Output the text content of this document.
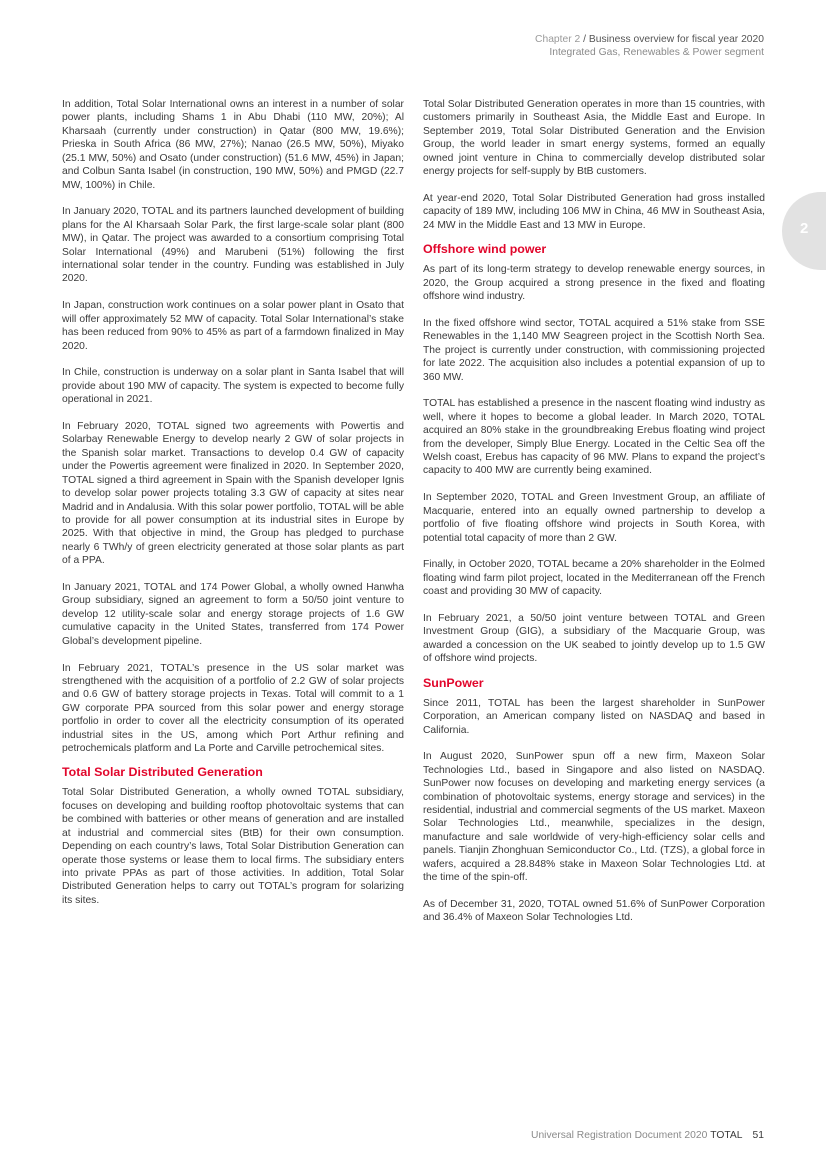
Chapter 2 / Business overview for fiscal year 2020
Integrated Gas, Renewables & Power segment
2

In addition, Total Solar International owns an interest in a number of solar power plants, including Shams 1 in Abu Dhabi (110 MW, 20%); Al Kharsaah (currently under construction) in Qatar (800 MW, 19.6%); Prieska in South Africa (86 MW, 27%); Nanao (26.5 MW, 50%), Miyako (25.1 MW, 50%) and Osato (under construction) (51.6 MW, 45%) in Japan; and Colbun Santa Isabel (in construction, 190 MW, 50%) and PMGD (22.7 MW, 100%) in Chile.

In January 2020, TOTAL and its partners launched development of building plans for the Al Kharsaah Solar Park, the first large-scale solar plant (800 MW), in Qatar. The project was awarded to a consortium comprising Total Solar International (49%) and Marubeni (51%) following the first international solar tender in the country. Funding was established in July 2020.

In Japan, construction work continues on a solar power plant in Osato that will offer approximately 52 MW of capacity. Total Solar International’s stake has been reduced from 90% to 45% as part of a farmdown finalized in May 2020.

In Chile, construction is underway on a solar plant in Santa Isabel that will provide about 190 MW of capacity. The system is expected to become fully operational in 2021.

In February 2020, TOTAL signed two agreements with Powertis and Solarbay Renewable Energy to develop nearly 2 GW of solar projects in the Spanish solar market. Transactions to develop 0.4 GW of capacity under the Powertis agreement were finalized in 2020. In September 2020, TOTAL signed a third agreement in Spain with the Spanish developer Ignis to develop solar power projects totaling 3.3 GW of capacity at sites near Madrid and in Andalusia. With this solar power portfolio, TOTAL will be able to provide for all power consumption at its industrial sites in Europe by 2025. With that objective in mind, the Group has pledged to purchase nearly 6 TWh/y of green electricity generated at those solar plants as part of a PPA.

In January 2021, TOTAL and 174 Power Global, a wholly owned Hanwha Group subsidiary, signed an agreement to form a 50/50 joint venture to develop 12 utility-scale solar and energy storage projects of 1.6 GW cumulative capacity in the United States, transferred from 174 Power Global’s development pipeline.

In February 2021, TOTAL’s presence in the US solar market was strengthened with the acquisition of a portfolio of 2.2 GW of solar projects and 0.6 GW of battery storage projects in Texas. Total will commit to a 1 GW corporate PPA sourced from this solar power and energy storage portfolio in order to cover all the electricity consumption of its operated industrial sites in the US, among which Port Arthur refining and petrochemicals platform and La Porte and Carville petrochemical sites.

Total Solar Distributed Generation

Total Solar Distributed Generation, a wholly owned TOTAL subsidiary, focuses on developing and building rooftop photovoltaic systems that can be combined with batteries or other means of generation and are installed at industrial and commercial sites (BtB) for their own consumption. Depending on each country’s laws, Total Solar Distribution Generation can operate those systems or lease them to local firms. The subsidiary enters into private PPAs as part of those activities. In addition, Total Solar Distributed Generation helps to carry out TOTAL’s program for solarizing its sites.

Total Solar Distributed Generation operates in more than 15 countries, with customers primarily in Southeast Asia, the Middle East and Europe. In September 2019, Total Solar Distributed Generation and the Envision Group, the world leader in smart energy systems, formed an equally owned joint venture in China to commercially develop distributed solar energy projects for self-supply by BtB customers.

At year-end 2020, Total Solar Distributed Generation had gross installed capacity of 189 MW, including 106 MW in China, 46 MW in Southeast Asia, 24 MW in the Middle East and 13 MW in Europe.

Offshore wind power

As part of its long-term strategy to develop renewable energy sources, in 2020, the Group acquired a strong presence in the fixed and floating offshore wind industry.

In the fixed offshore wind sector, TOTAL acquired a 51% stake from SSE Renewables in the 1,140 MW Seagreen project in the Scottish North Sea. The project is currently under construction, with commissioning projected for late 2022. The acquisition also includes a potential expansion of up to 360 MW.

TOTAL has established a presence in the nascent floating wind industry as well, where it hopes to become a global leader. In March 2020, TOTAL acquired an 80% stake in the groundbreaking Erebus floating wind project from the developer, Simply Blue Energy. Located in the Celtic Sea off the Welsh coast, Erebus has capacity of 96 MW. Plans to expand the project’s capacity to 400 MW are currently being examined.

In September 2020, TOTAL and Green Investment Group, an affiliate of Macquarie, entered into an equally owned partnership to develop a portfolio of five floating offshore wind projects in South Korea, with potential total capacity of more than 2 GW.

Finally, in October 2020, TOTAL became a 20% shareholder in the Eolmed floating wind farm pilot project, located in the Mediterranean off the French coast and providing 30 MW of capacity.

In February 2021, a 50/50 joint venture between TOTAL and Green Investment Group (GIG), a subsidiary of the Macquarie Group, was awarded a concession on the UK seabed to jointly develop up to 1.5 GW of offshore wind projects.

SunPower

Since 2011, TOTAL has been the largest shareholder in SunPower Corporation, an American company listed on NASDAQ and based in California.

In August 2020, SunPower spun off a new firm, Maxeon Solar Technologies Ltd., based in Singapore and also listed on NASDAQ. SunPower now focuses on developing and marketing energy services (a combination of photovoltaic systems, energy storage and services) in the residential, industrial and commercial segments of the US market. Maxeon Solar Technologies Ltd., meanwhile, specializes in the design, manufacture and sale worldwide of very-high-efficiency solar cells and panels. Tianjin Zhonghuan Semiconductor Co., Ltd. (TZS), a global force in wafers, acquired a 28.848% stake in Maxeon Solar Technologies Ltd. at the time of the spin-off.

As of December 31, 2020, TOTAL owned 51.6% of SunPower Corporation and 36.4% of Maxeon Solar Technologies Ltd.

Universal Registration Document 2020 TOTAL 51
